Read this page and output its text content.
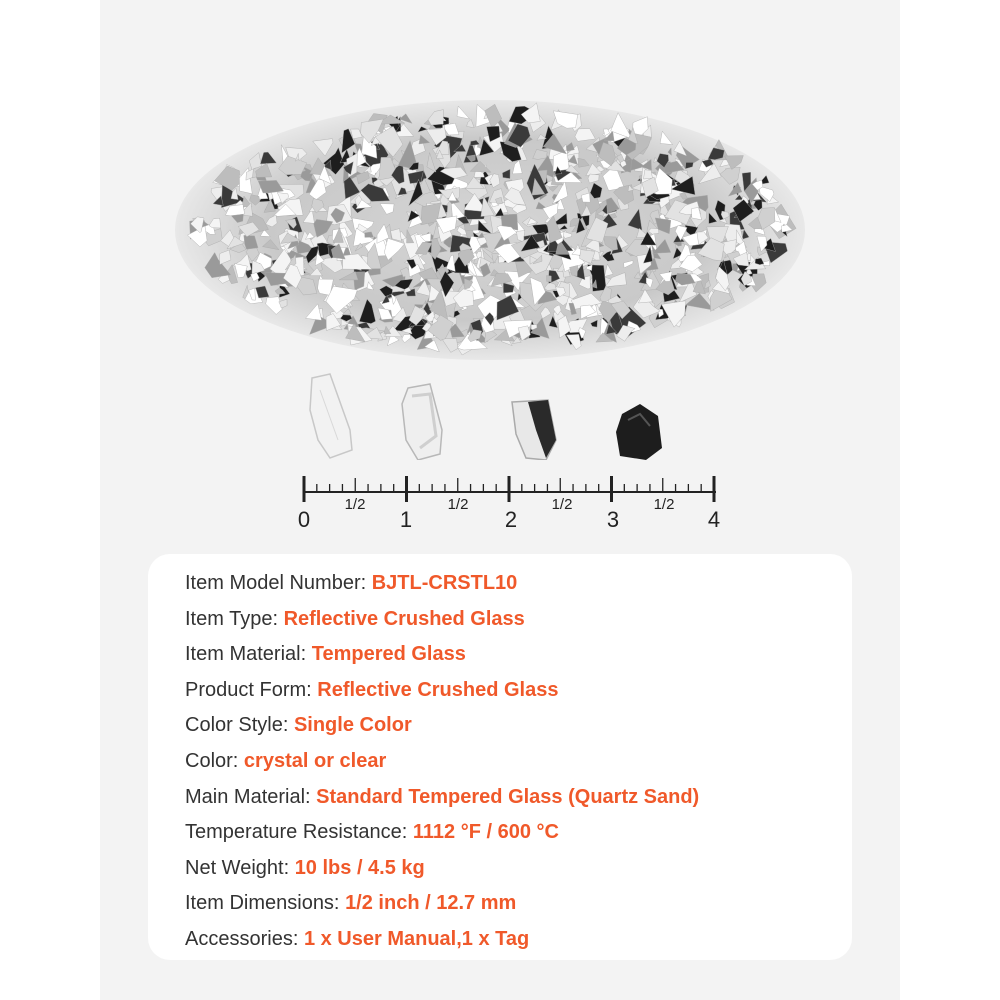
0	1	2	3	4
1/2	1/2	1/2	1/2
Item Model Number: BJTL-CRSTL10
Item Type: Reflective Crushed Glass
Item Material: Tempered Glass
Product Form: Reflective Crushed Glass
Color Style: Single Color
Color: crystal or clear
Main Material: Standard Tempered Glass (Quartz Sand)
Temperature Resistance: 1112 °F / 600 °C
Net Weight: 10 lbs / 4.5 kg
Item Dimensions: 1/2 inch / 12.7 mm
Accessories: 1 x User Manual,1 x Tag
